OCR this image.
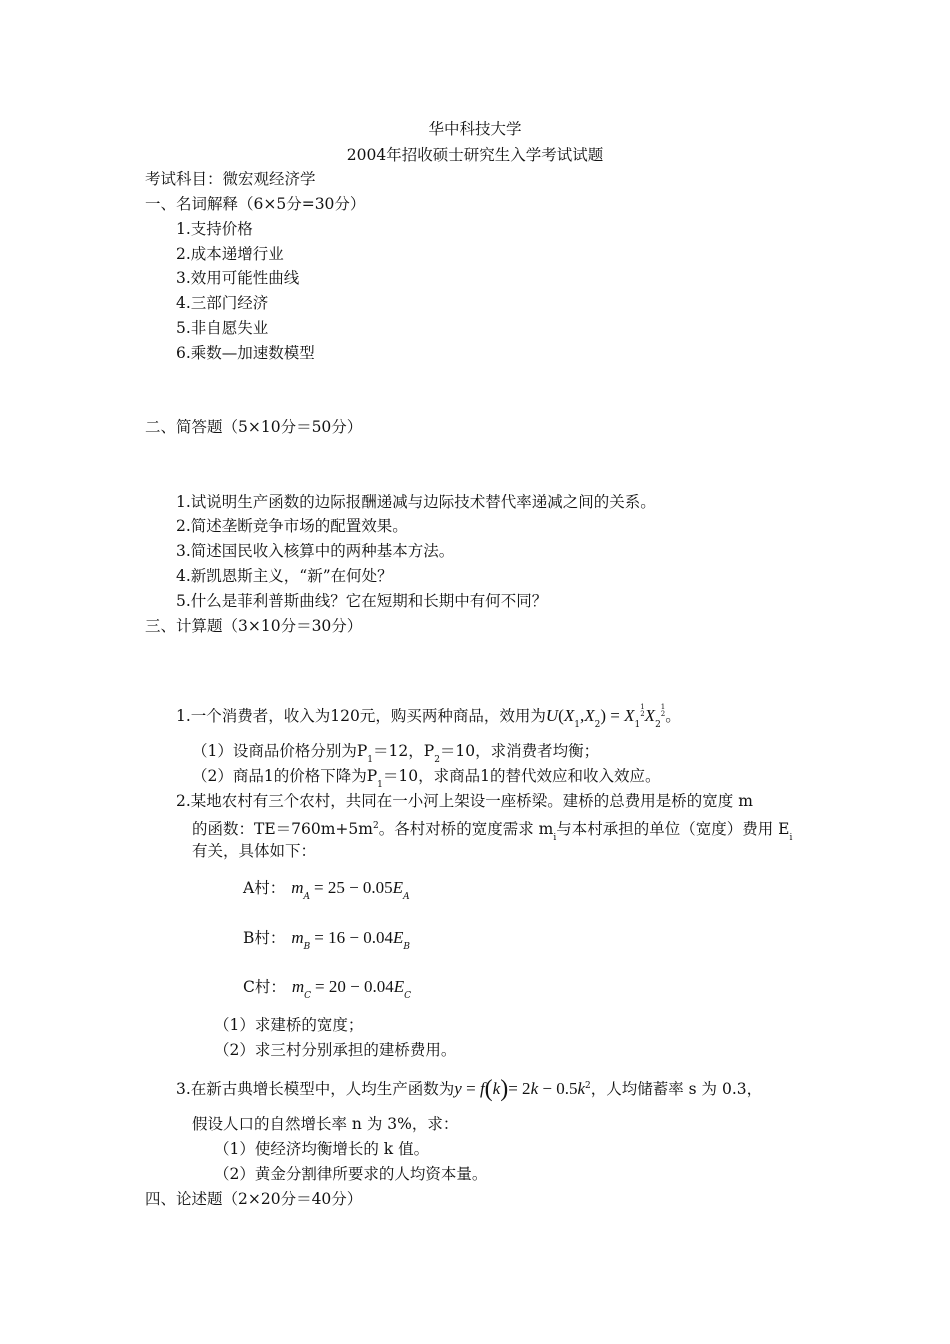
华中科技大学
2004年招收硕士研究生入学考试试题
考试科目：微宏观经济学
一、名词解释（6×5分=30分）
1.支持价格
2.成本递增行业
3.效用可能性曲线
4.三部门经济
5.非自愿失业
6.乘数—加速数模型
二、简答题（5×10分＝50分）
1.试说明生产函数的边际报酬递减与边际技术替代率递减之间的关系。
2.简述垄断竞争市场的配置效果。
3.简述国民收入核算中的两种基本方法。
4.新凯恩斯主义，“新”在何处？
5.什么是菲利普斯曲线？它在短期和长期中有何不同？
三、计算题（3×10分＝30分）
1.一个消费者，收入为120元，购买两种商品，效用为$U(X_1,X_2) = X_1$
1
2 $X_2$
1
2 。
（1）设商品价格分别为$P_1=12$，$P_2=10$，求消费者均衡；
（2）商品1的价格下降为$P_1=10$，求商品1的替代效应和收入效应。
2.某地农村有三个农村，共同在一小河上架设一座桥梁。建桥的总费用是桥的宽度 m
的函数：$TE=760m+5m^2$。各村对桥的宽度需求 $m_i$与本村承担的单位（宽度）费用 $E_i$
有关，具体如下：
A村： $m_A = 25 - 0.05E_A$
B村： $m_B = 16 - 0.04E_B$
C村： $m_C = 20 - 0.04E_C$
（1）求建桥的宽度；
（2）求三村分别承担的建桥费用。
3.在新古典增长模型中，人均生产函数为$y = f(k)= 2k - 0.5k^2$，人均储蓄率 s 为 0.3，
假设人口的自然增长率 n 为 3%，求：
（1）使经济均衡增长的 k 值。
（2）黄金分割律所要求的人均资本量。
四、论述题（2×20分＝40分）
